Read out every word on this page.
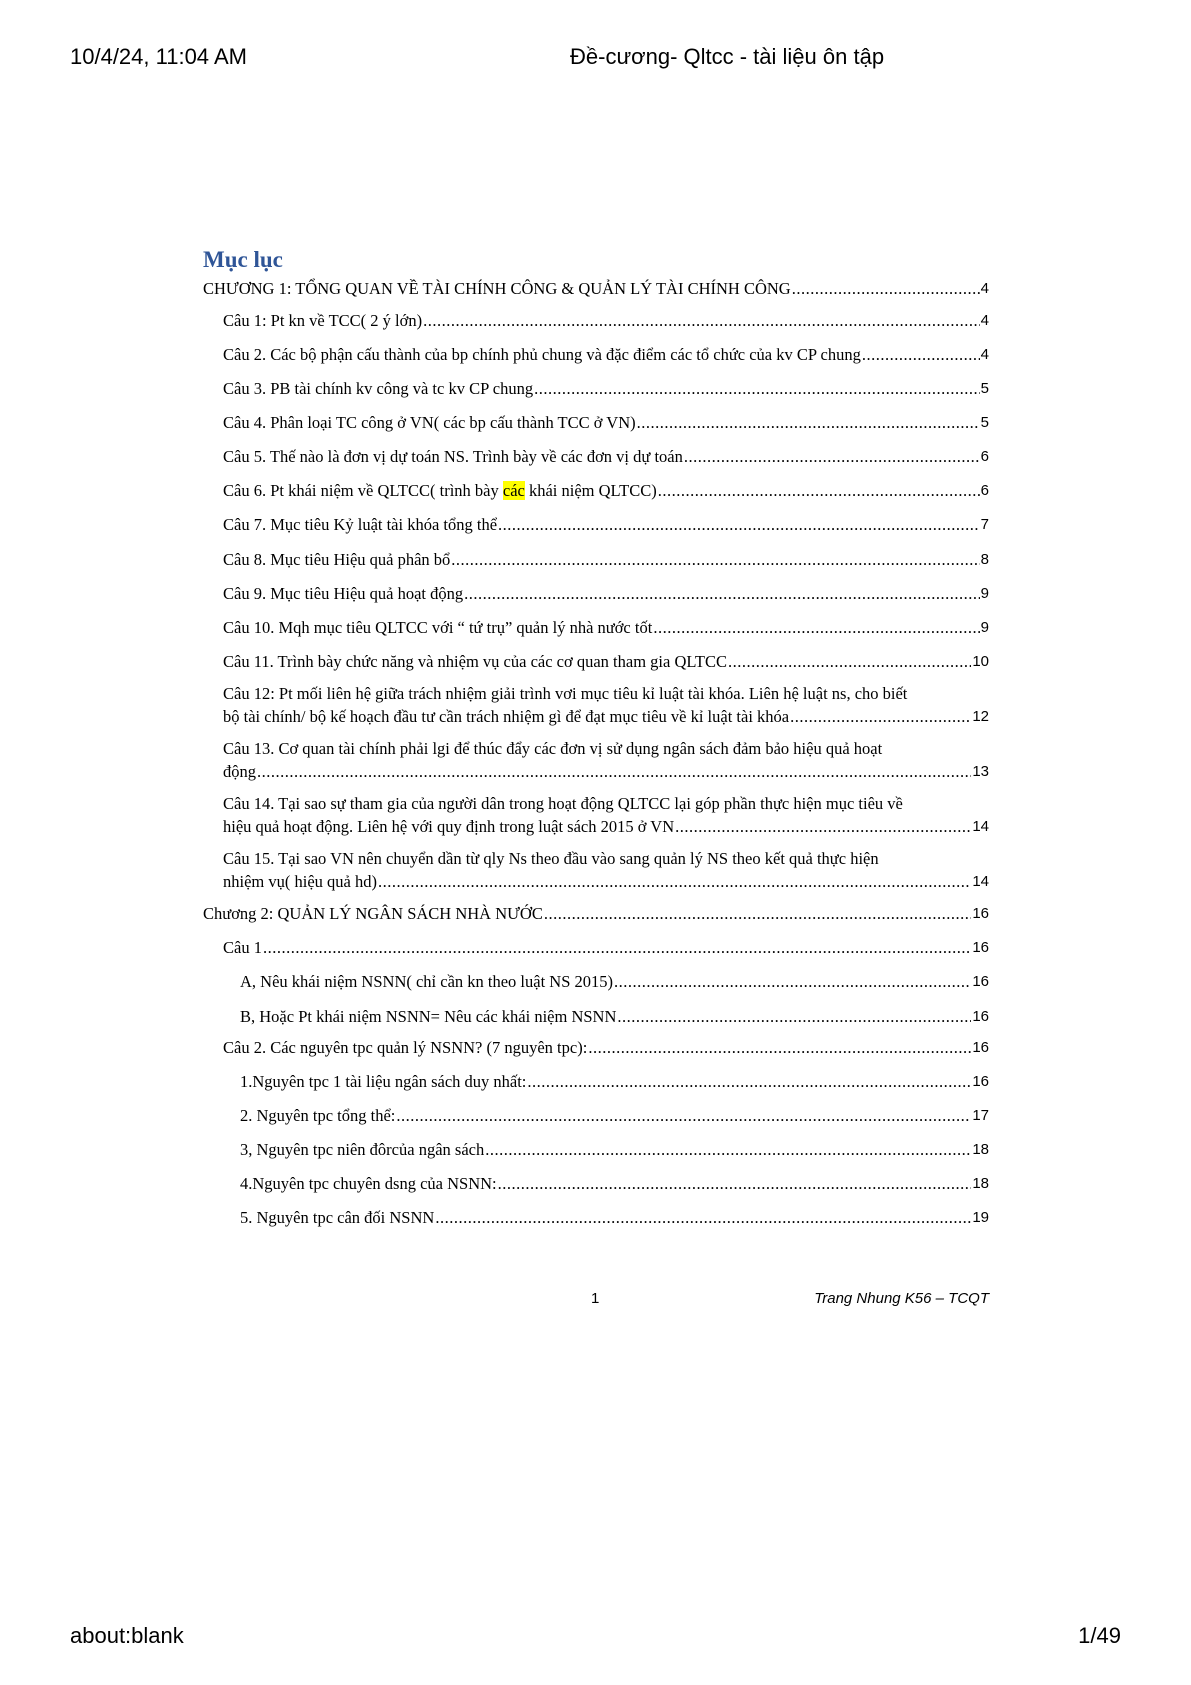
10/4/24, 11:04 AM	Đề-cương- Qltcc - tài liệu ôn tập
Mục lục
CHƯƠNG 1: TỔNG QUAN VỀ TÀI CHÍNH CÔNG & QUẢN LÝ TÀI CHÍNH CÔNG .....	4
Câu 1: Pt kn về TCC( 2 ý lớn) .....	4
Câu 2. Các bộ phận cấu thành của bp chính phủ chung và đặc điểm các tổ chức của kv CP chung .....	4
Câu 3. PB tài chính kv công và tc kv CP chung .....	5
Câu 4. Phân loại TC công ở VN( các bp cấu thành TCC ở VN) .....	5
Câu 5. Thế nào là đơn vị dự toán NS. Trình bày về các đơn vị dự toán .....	6
Câu 6. Pt khái niệm về QLTCC( trình bày các khái niệm QLTCC) .....	6
Câu 7. Mục tiêu Kỷ luật tài khóa tổng thể .....	7
Câu 8. Mục tiêu Hiệu quả phân bổ .....	8
Câu 9. Mục tiêu Hiệu quả hoạt động .....	9
Câu 10. Mqh mục tiêu QLTCC với “ tứ trụ” quản lý nhà nước tốt .....	9
Câu 11. Trình bày chức năng và nhiệm vụ của các cơ quan tham gia QLTCC .....	10
Câu 12: Pt mối liên hệ giữa trách nhiệm giải trình vơi mục tiêu kỉ luật tài khóa. Liên hệ luật ns, cho biết
bộ tài chính/ bộ kế hoạch đầu tư cần trách nhiệm gì để đạt mục tiêu về kỉ luật tài khóa .....	12
Câu 13. Cơ quan tài chính phải lgi để thúc đẩy các đơn vị sử dụng ngân sách đảm bảo hiệu quả hoạt
động .....	13
Câu 14. Tại sao sự tham gia của người dân trong hoạt động QLTCC lại góp phần thực hiện mục tiêu về
hiệu quả hoạt động. Liên hệ với quy định trong luật sách 2015 ở VN .....	14
Câu 15. Tại sao VN nên chuyển dần từ qly Ns theo đầu vào sang quản lý NS theo kết quả thực hiện
nhiệm vụ( hiệu quả hd) .....	14
Chương 2: QUẢN LÝ NGÂN SÁCH NHÀ NƯỚC .....	16
Câu 1 .....	16
A, Nêu khái niệm NSNN( chỉ cần kn theo luật NS 2015) .....	16
B, Hoặc Pt khái niệm NSNN= Nêu các khái niệm NSNN .....	16
Câu 2. Các nguyên tpc quản lý NSNN? (7 nguyên tpc): .....	16
1.Nguyên tpc 1 tài liệu ngân sách duy nhất: .....	16
2. Nguyên tpc tổng thể: .....	17
3, Nguyên tpc niên đôrcủa ngân sách .....	18
4.Nguyên tpc chuyên dsng của NSNN: .....	18
5. Nguyên tpc cân đối NSNN .....	19
1	Trang Nhung K56 – TCQT
about:blank	1/49
